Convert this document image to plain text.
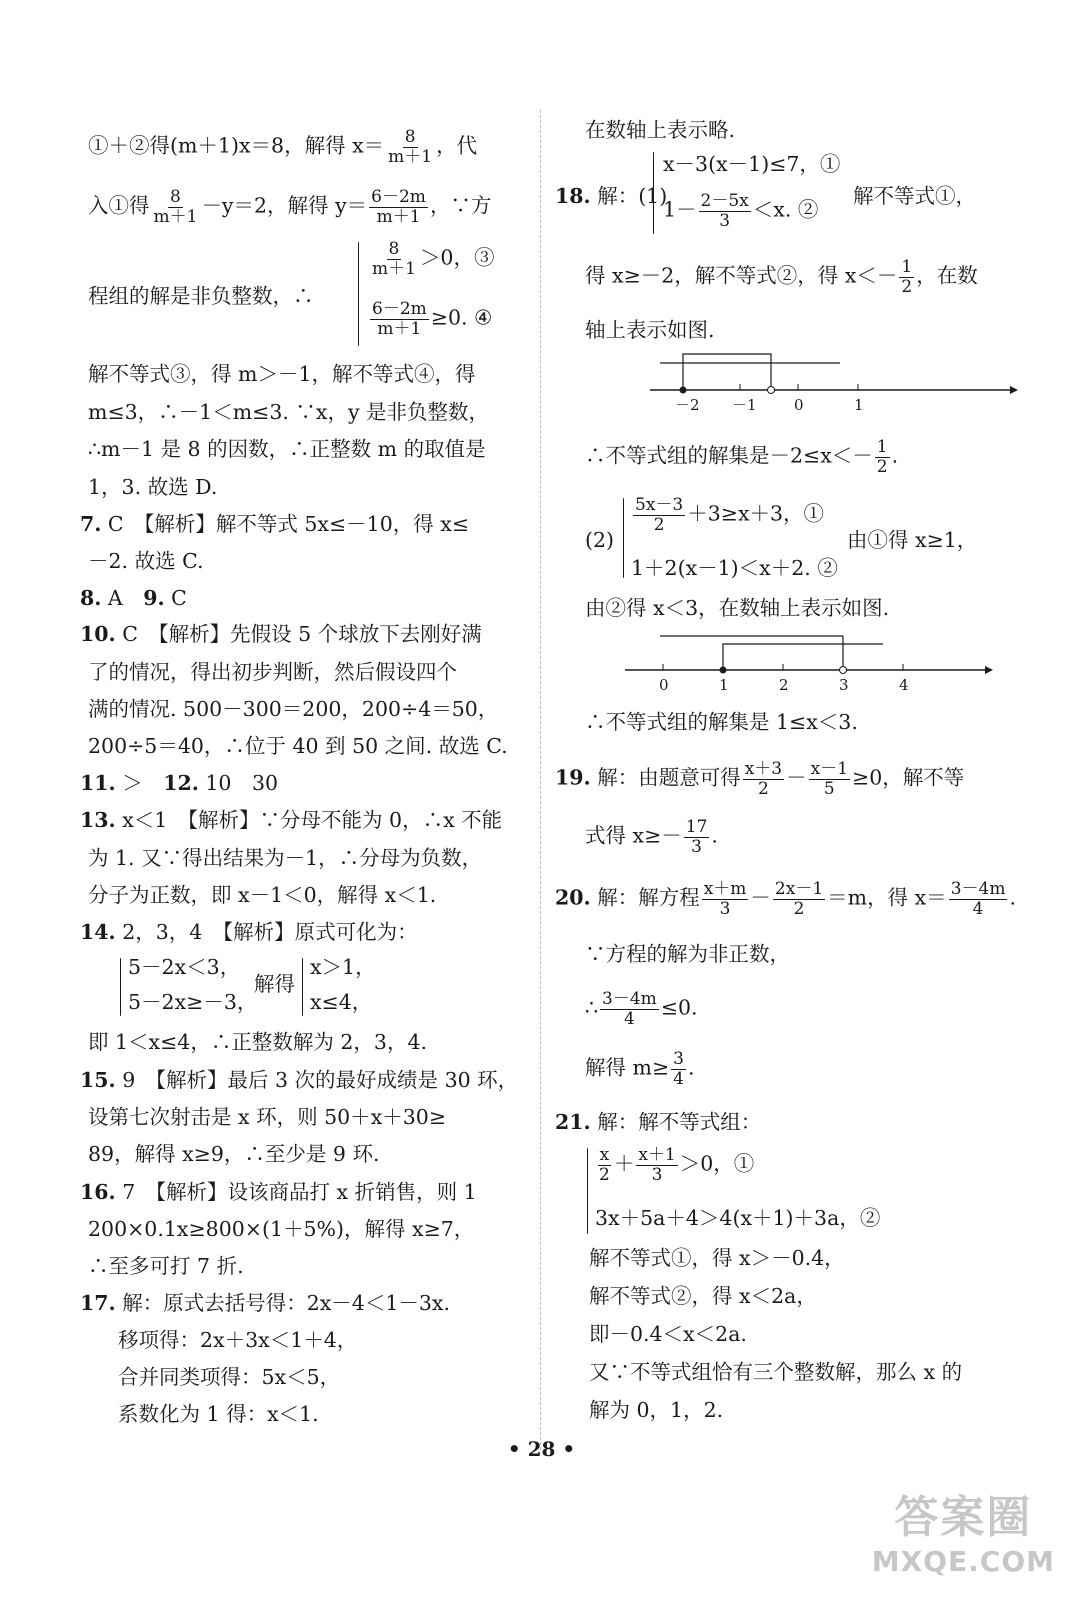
①＋②得(m＋1)x＝8，解得 $x= \frac{8}{m+1}$ ，代
入①得 $\frac{8}{m+1} -y=2$，解得 $y= \frac{6-2m}{m+1}$ ，∵方
程组的解是非负整数，∴
$\frac{8}{m+1} >0$，③
$\frac{6-2m}{m+1} \ge 0$. ④
解不等式③，得 m＞－1，解不等式④，得
m≤3，∴－1＜m≤3. ∵x，y 是非负整数，
∴m－1 是 8 的因数，∴正整数 m 的取值是
1，3. 故选 D.
7. C　【解析】解不等式 5x≤－10，得 x≤
－2. 故选 C.
8. A　9. C
10. C　【解析】先假设 5 个球放下去刚好满
了的情况，得出初步判断，然后假设四个
满的情况. 500－300＝200，200÷4＝50，
200÷5＝40，∴位于 40 到 50 之间. 故选 C.
11. ＞　12. 10　30
13. x＜1　【解析】∵分母不能为 0，∴x 不能
为 1. 又∵得出结果为－1，∴分母为负数，
分子为正数，即 x－1＜0，解得 x＜1.
14. 2，3，4　【解析】原式可化为：
5－2x＜3，
5－2x≥－3，
解得
x＞1，
x≤4，
即 1＜x≤4，∴正整数解为 2，3，4.
15. 9　【解析】最后 3 次的最好成绩是 30 环，
设第七次射击是 x 环，则 50＋x＋30≥
89，解得 x≥9，∴至少是 9 环.
16. 7　【解析】设该商品打 x 折销售，则 1
200×0.1x≥800×(1＋5%)，解得 x≥7，
∴至多可打 7 折.
17. 解：原式去括号得：2x－4＜1－3x.
移项得：2x＋3x＜1＋4，
合并同类项得：5x＜5，
系数化为 1 得：x＜1.
在数轴上表示略.
18. 解：(1)
x－3(x－1)≤7，①
$1- \frac{2-5x}{3} <x$. ②
解不等式①，
得 x≥－2，解不等式②，得 $x<- \frac{1}{2}$ ，在数
轴上表示如图.
－2 －1 0	1
∴不等式组的解集是$-2\le x<- \frac{1}{2}$ .
(2)
$\frac{5x-3}{2} +3\ge x+3$，①
1＋2(x－1)＜x＋2. ②
由①得 x≥1，
由②得 x＜3，在数轴上表示如图.
0	1	2	3	4
∴不等式组的解集是 1≤x＜3.
19. 解：由题意可得 $\frac{x+3}{2} - \frac{x-1}{5} \ge 0$，解不等
式得 $x\ge- \frac{17}{3}$ .
20. 解：解方程 $\frac{x+m}{3} - \frac{2x-1}{2} =m$，得 $x= \frac{3-4m}{4}$ .
∵方程的解为非正数，
∴ $\frac{3-4m}{4} \le 0$.
解得 $m\ge \frac{3}{4}$ .
21. 解：解不等式组：
$\frac{x}{2} + \frac{x+1}{3} >0$，①
3x＋5a＋4＞4(x＋1)＋3a，②
解不等式①，得 x＞－0.4，
解不等式②，得 x＜2a，
即－0.4＜x＜2a.
又∵不等式组恰有三个整数解，那么 x 的
解为 0，1，2.
• 28 •
答案圈
MXQE.COM
